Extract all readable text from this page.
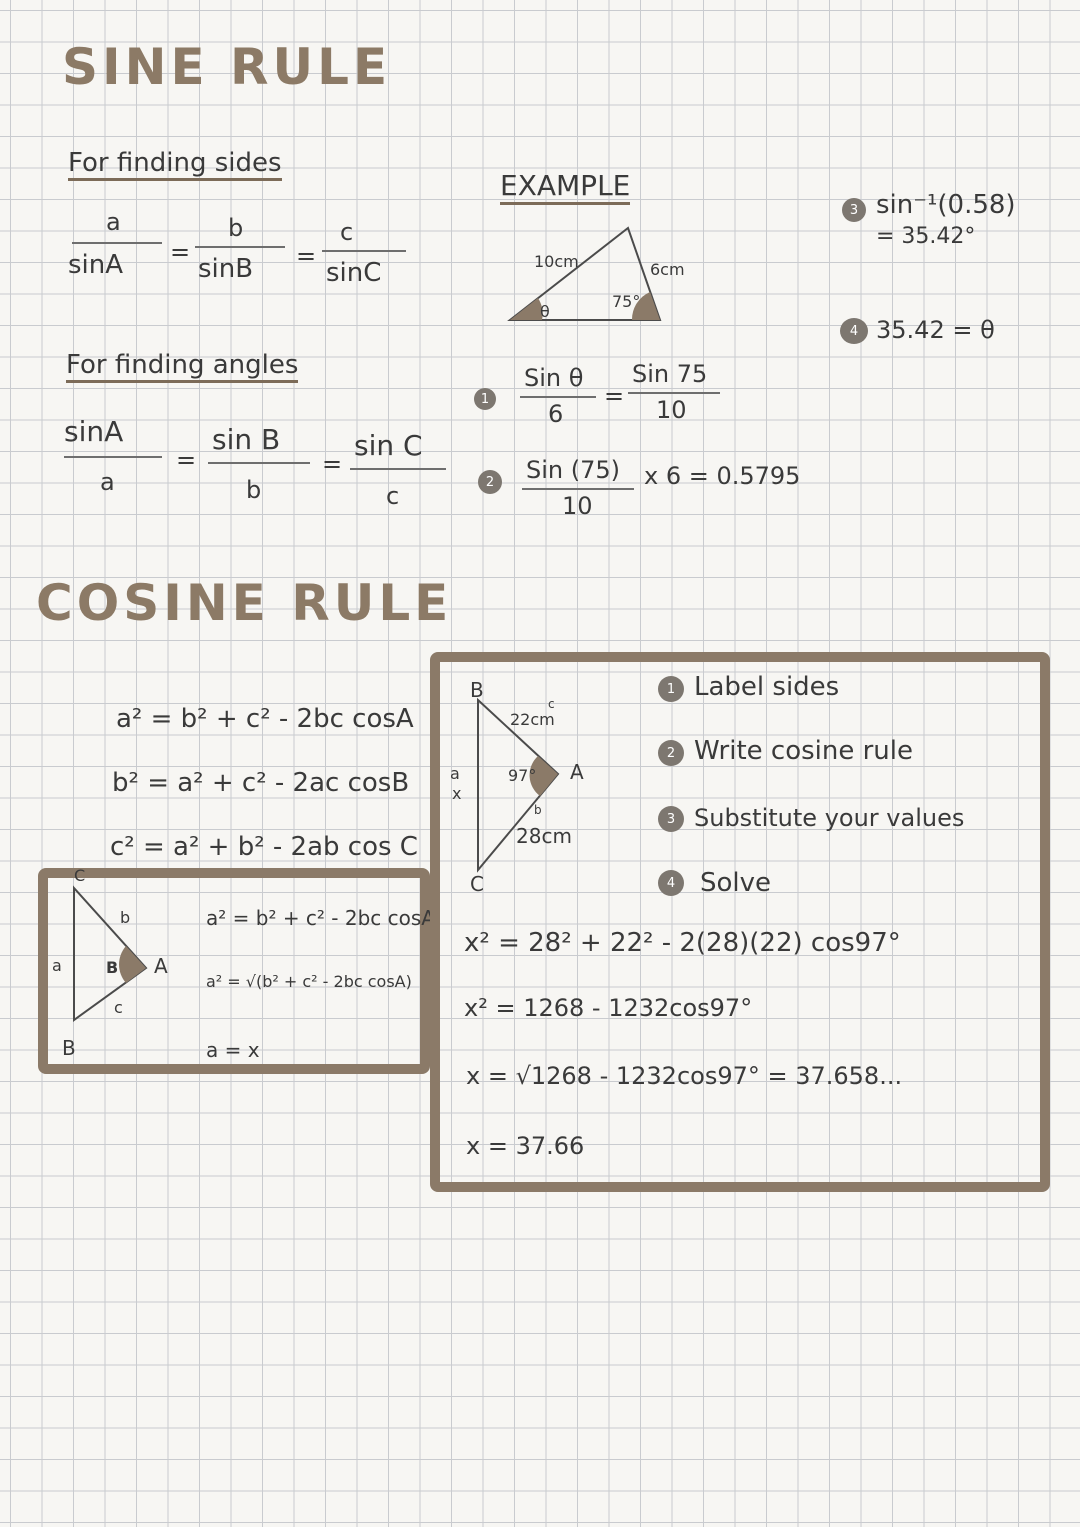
SINE RULE
For finding sides
a
sinA =
b
sinB =
c
sinC
For finding angles
sinA
a
=
sin B
b
=
sin C
c
EXAMPLE
10cm	6cm
θ
75°
1
Sin θ
6
=
Sin 75
10
2	Sin (75)
10
x 6 = 0.5795
3 sin⁻¹(0.58)
= 35.42°
4 35.42 = θ
COSINE RULE
a² = b² + c² - 2bc cosA
b² = a² + c² - 2ac cosB
c² = a² + b² - 2ab cos C
C
B
A
a
b
c
B
a² = b² + c² - 2bc cosA
a² = √(b² + c² - 2bc cosA)
a = x
B
A
C
22cm
c
b
28cm
97°
a
x
1 Label sides
2 Write cosine rule
3 Substitute your values
4 Solve
x² = 28² + 22² - 2(28)(22) cos97°
x² = 1268 - 1232cos97°
x = √1268 - 1232cos97° = 37.658...
x = 37.66
